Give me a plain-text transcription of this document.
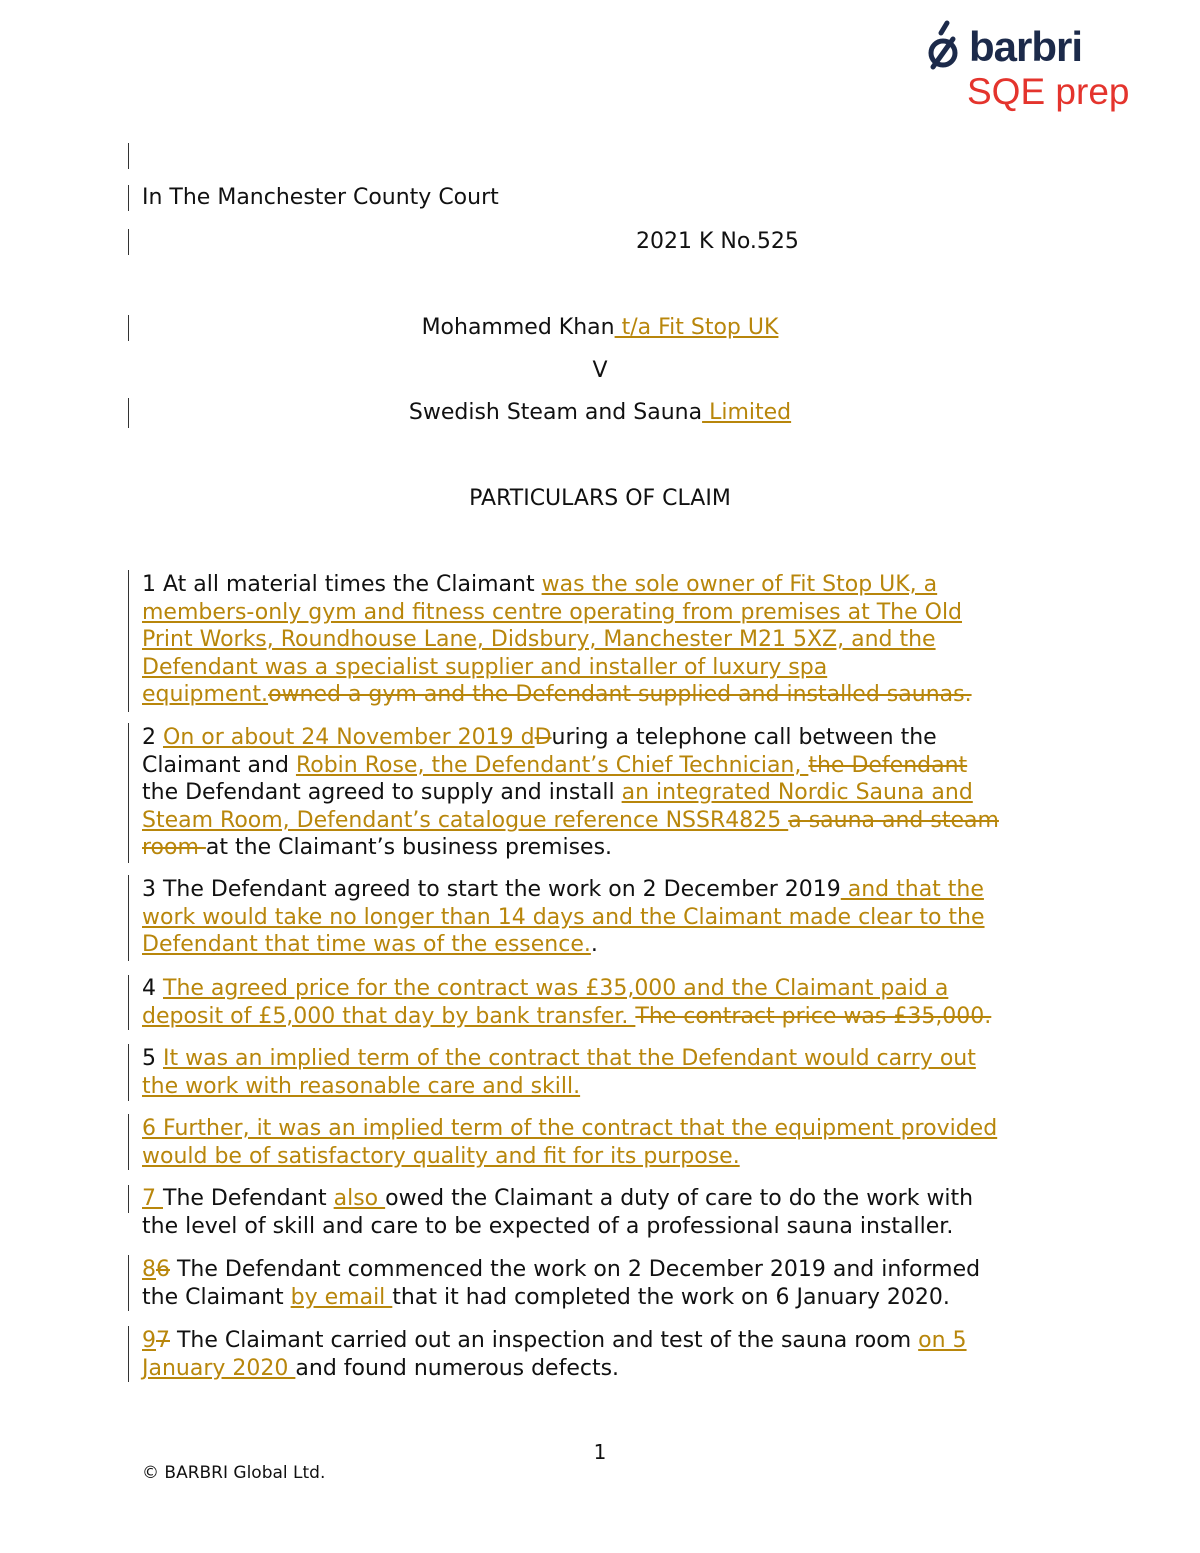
barbri
SQE prep
In The Manchester County Court
2021 K No.525
Mohammed Khan t/a Fit Stop UK
V
Swedish Steam and Sauna Limited
PARTICULARS OF CLAIM
1 At all material times the Claimant was the sole owner of Fit Stop UK, a
members-only gym and fitness centre operating from premises at The Old
Print Works, Roundhouse Lane, Didsbury, Manchester M21 5XZ, and the
Defendant was a specialist supplier and installer of luxury spa
equipment.owned a gym and the Defendant supplied and installed saunas.
2 On or about 24 November 2019 dDuring a telephone call between the
Claimant and Robin Rose, the Defendant’s Chief Technician, the Defendant
the Defendant agreed to supply and install an integrated Nordic Sauna and
Steam Room, Defendant’s catalogue reference NSSR4825 a sauna and steam
room at the Claimant’s business premises.
3 The Defendant agreed to start the work on 2 December 2019 and that the
work would take no longer than 14 days and the Claimant made clear to the
Defendant that time was of the essence..
4 The agreed price for the contract was £35,000 and the Claimant paid a
deposit of £5,000 that day by bank transfer. The contract price was £35,000.
5 It was an implied term of the contract that the Defendant would carry out
the work with reasonable care and skill.
6 Further, it was an implied term of the contract that the equipment provided
would be of satisfactory quality and fit for its purpose.
7 The Defendant also owed the Claimant a duty of care to do the work with
the level of skill and care to be expected of a professional sauna installer.
86 The Defendant commenced the work on 2 December 2019 and informed
the Claimant by email that it had completed the work on 6 January 2020.
97 The Claimant carried out an inspection and test of the sauna room on 5
January 2020 and found numerous defects.
1
© BARBRI Global Ltd.
